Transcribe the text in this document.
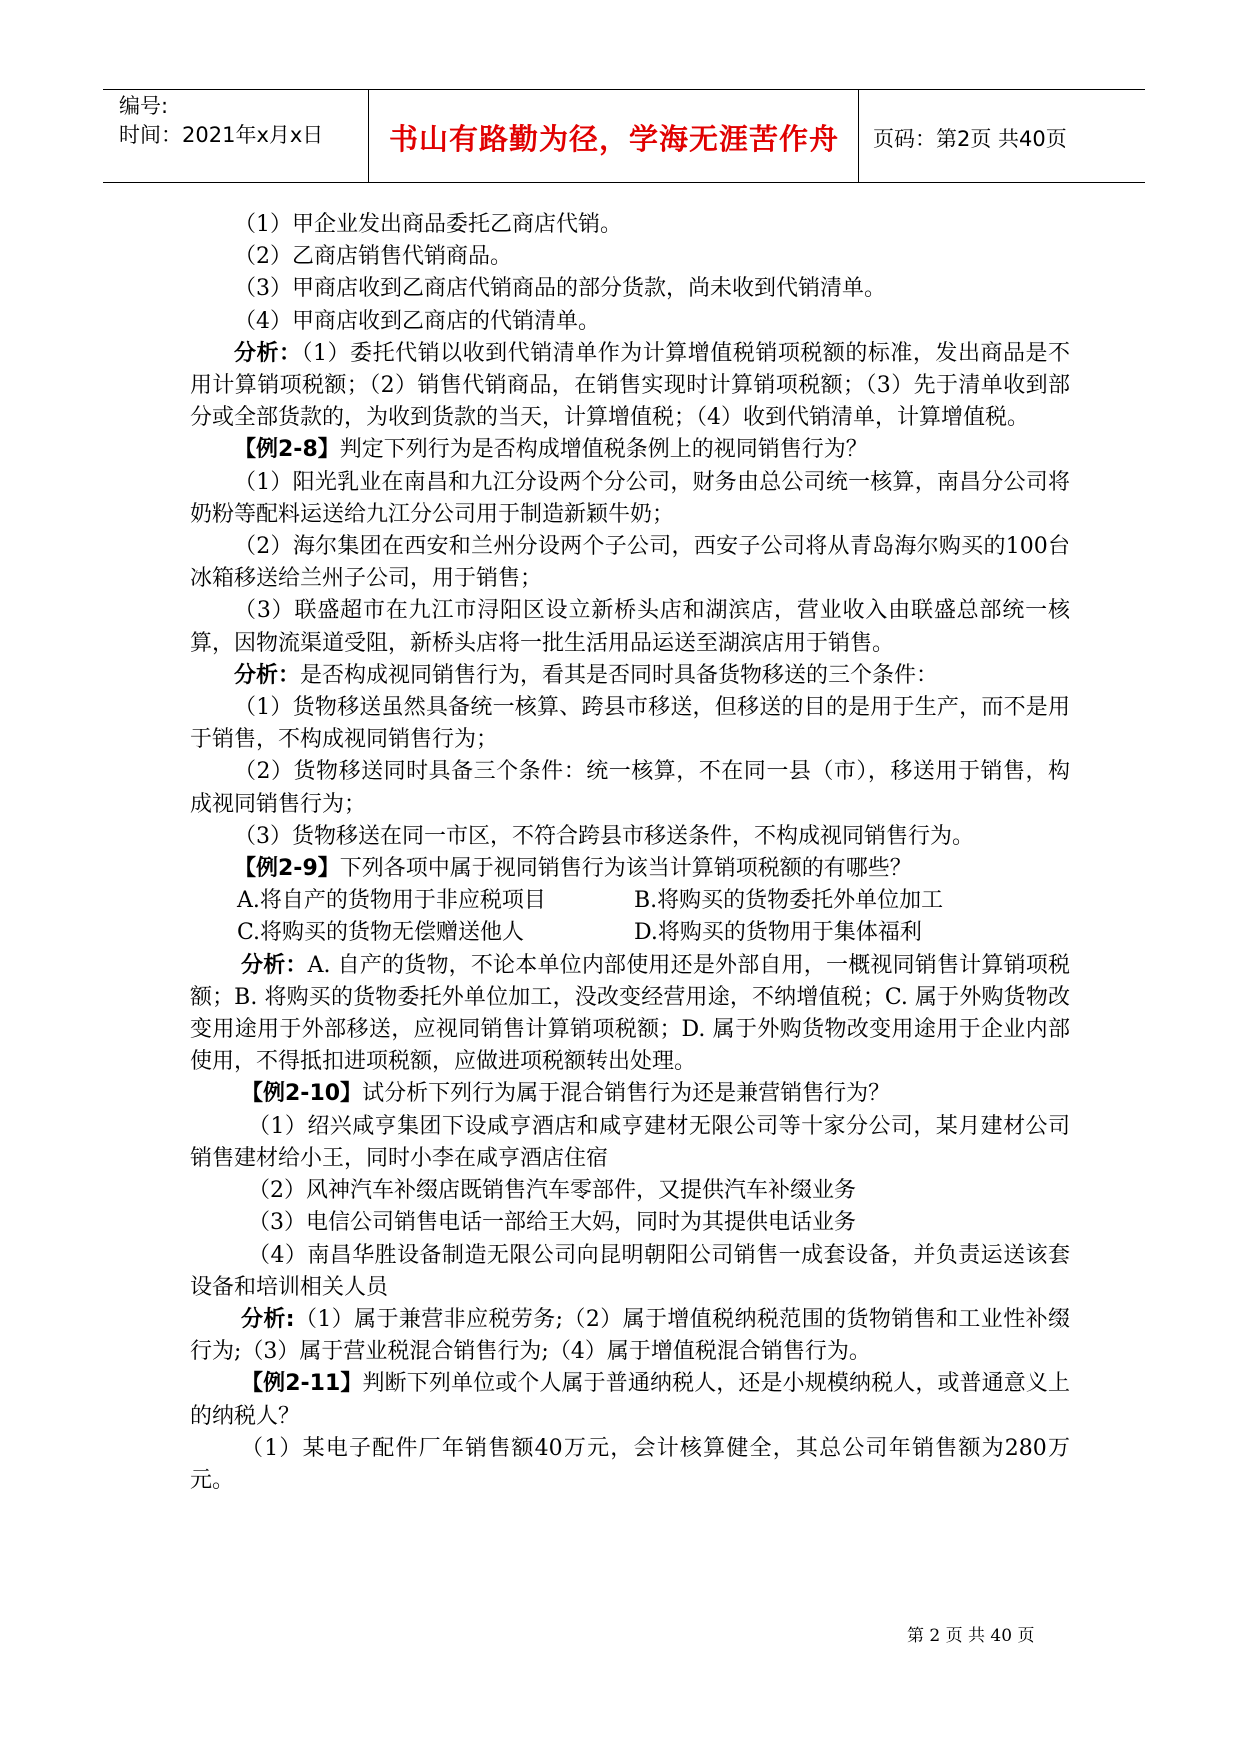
编号:
时间：2021年x月x日	书山有路勤为径，学海无涯苦作舟	页码：第2页 共40页

（1）甲企业发出商品委托乙商店代销。

（2）乙商店销售代销商品。

（3）甲商店收到乙商店代销商品的部分货款，尚未收到代销清单。

（4）甲商店收到乙商店的代销清单。

分析：（1）委托代销以收到代销清单作为计算增值税销项税额的标准，发出商品是不用计算销项税额；（2）销售代销商品，在销售实现时计算销项税额；（3）先于清单收到部分或全部货款的，为收到货款的当天，计算增值税；（4）收到代销清单，计算增值税。

【例2-8】判定下列行为是否构成增值税条例上的视同销售行为？

（1）阳光乳业在南昌和九江分设两个分公司，财务由总公司统一核算，南昌分公司将奶粉等配料运送给九江分公司用于制造新颖牛奶；

（2）海尔集团在西安和兰州分设两个子公司，西安子公司将从青岛海尔购买的100台冰箱移送给兰州子公司，用于销售；

（3）联盛超市在九江市浔阳区设立新桥头店和湖滨店，营业收入由联盛总部统一核算，因物流渠道受阻，新桥头店将一批生活用品运送至湖滨店用于销售。

分析：是否构成视同销售行为，看其是否同时具备货物移送的三个条件：

（1）货物移送虽然具备统一核算、跨县市移送，但移送的目的是用于生产，而不是用于销售，不构成视同销售行为；

（2）货物移送同时具备三个条件：统一核算，不在同一县（市），移送用于销售，构成视同销售行为；

（3）货物移送在同一市区，不符合跨县市移送条件，不构成视同销售行为。

【例2-9】下列各项中属于视同销售行为该当计算销项税额的有哪些？

A.将自产的货物用于非应税项目	B.将购买的货物委托外单位加工
C.将购买的货物无偿赠送他人	D.将购买的货物用于集体福利

分析：A. 自产的货物，不论本单位内部使用还是外部自用，一概视同销售计算销项税额；B. 将购买的货物委托外单位加工，没改变经营用途，不纳增值税；C. 属于外购货物改变用途用于外部移送，应视同销售计算销项税额；D. 属于外购货物改变用途用于企业内部使用，不得抵扣进项税额，应做进项税额转出处理。

【例2-10】试分析下列行为属于混合销售行为还是兼营销售行为？

（1）绍兴咸亨集团下设咸亨酒店和咸亨建材无限公司等十家分公司，某月建材公司销售建材给小王，同时小李在咸亨酒店住宿

（2）风神汽车补缀店既销售汽车零部件，又提供汽车补缀业务

（3）电信公司销售电话一部给王大妈，同时为其提供电话业务

（4）南昌华胜设备制造无限公司向昆明朝阳公司销售一成套设备，并负责运送该套设备和培训相关人员

分析:（1）属于兼营非应税劳务;（2）属于增值税纳税范围的货物销售和工业性补缀行为;（3）属于营业税混合销售行为;（4）属于增值税混合销售行为。

【例2-11】判断下列单位或个人属于普通纳税人，还是小规模纳税人，或普通意义上的纳税人？

（1）某电子配件厂年销售额40万元，会计核算健全，其总公司年销售额为280万元。

第 2 页 共 40 页
